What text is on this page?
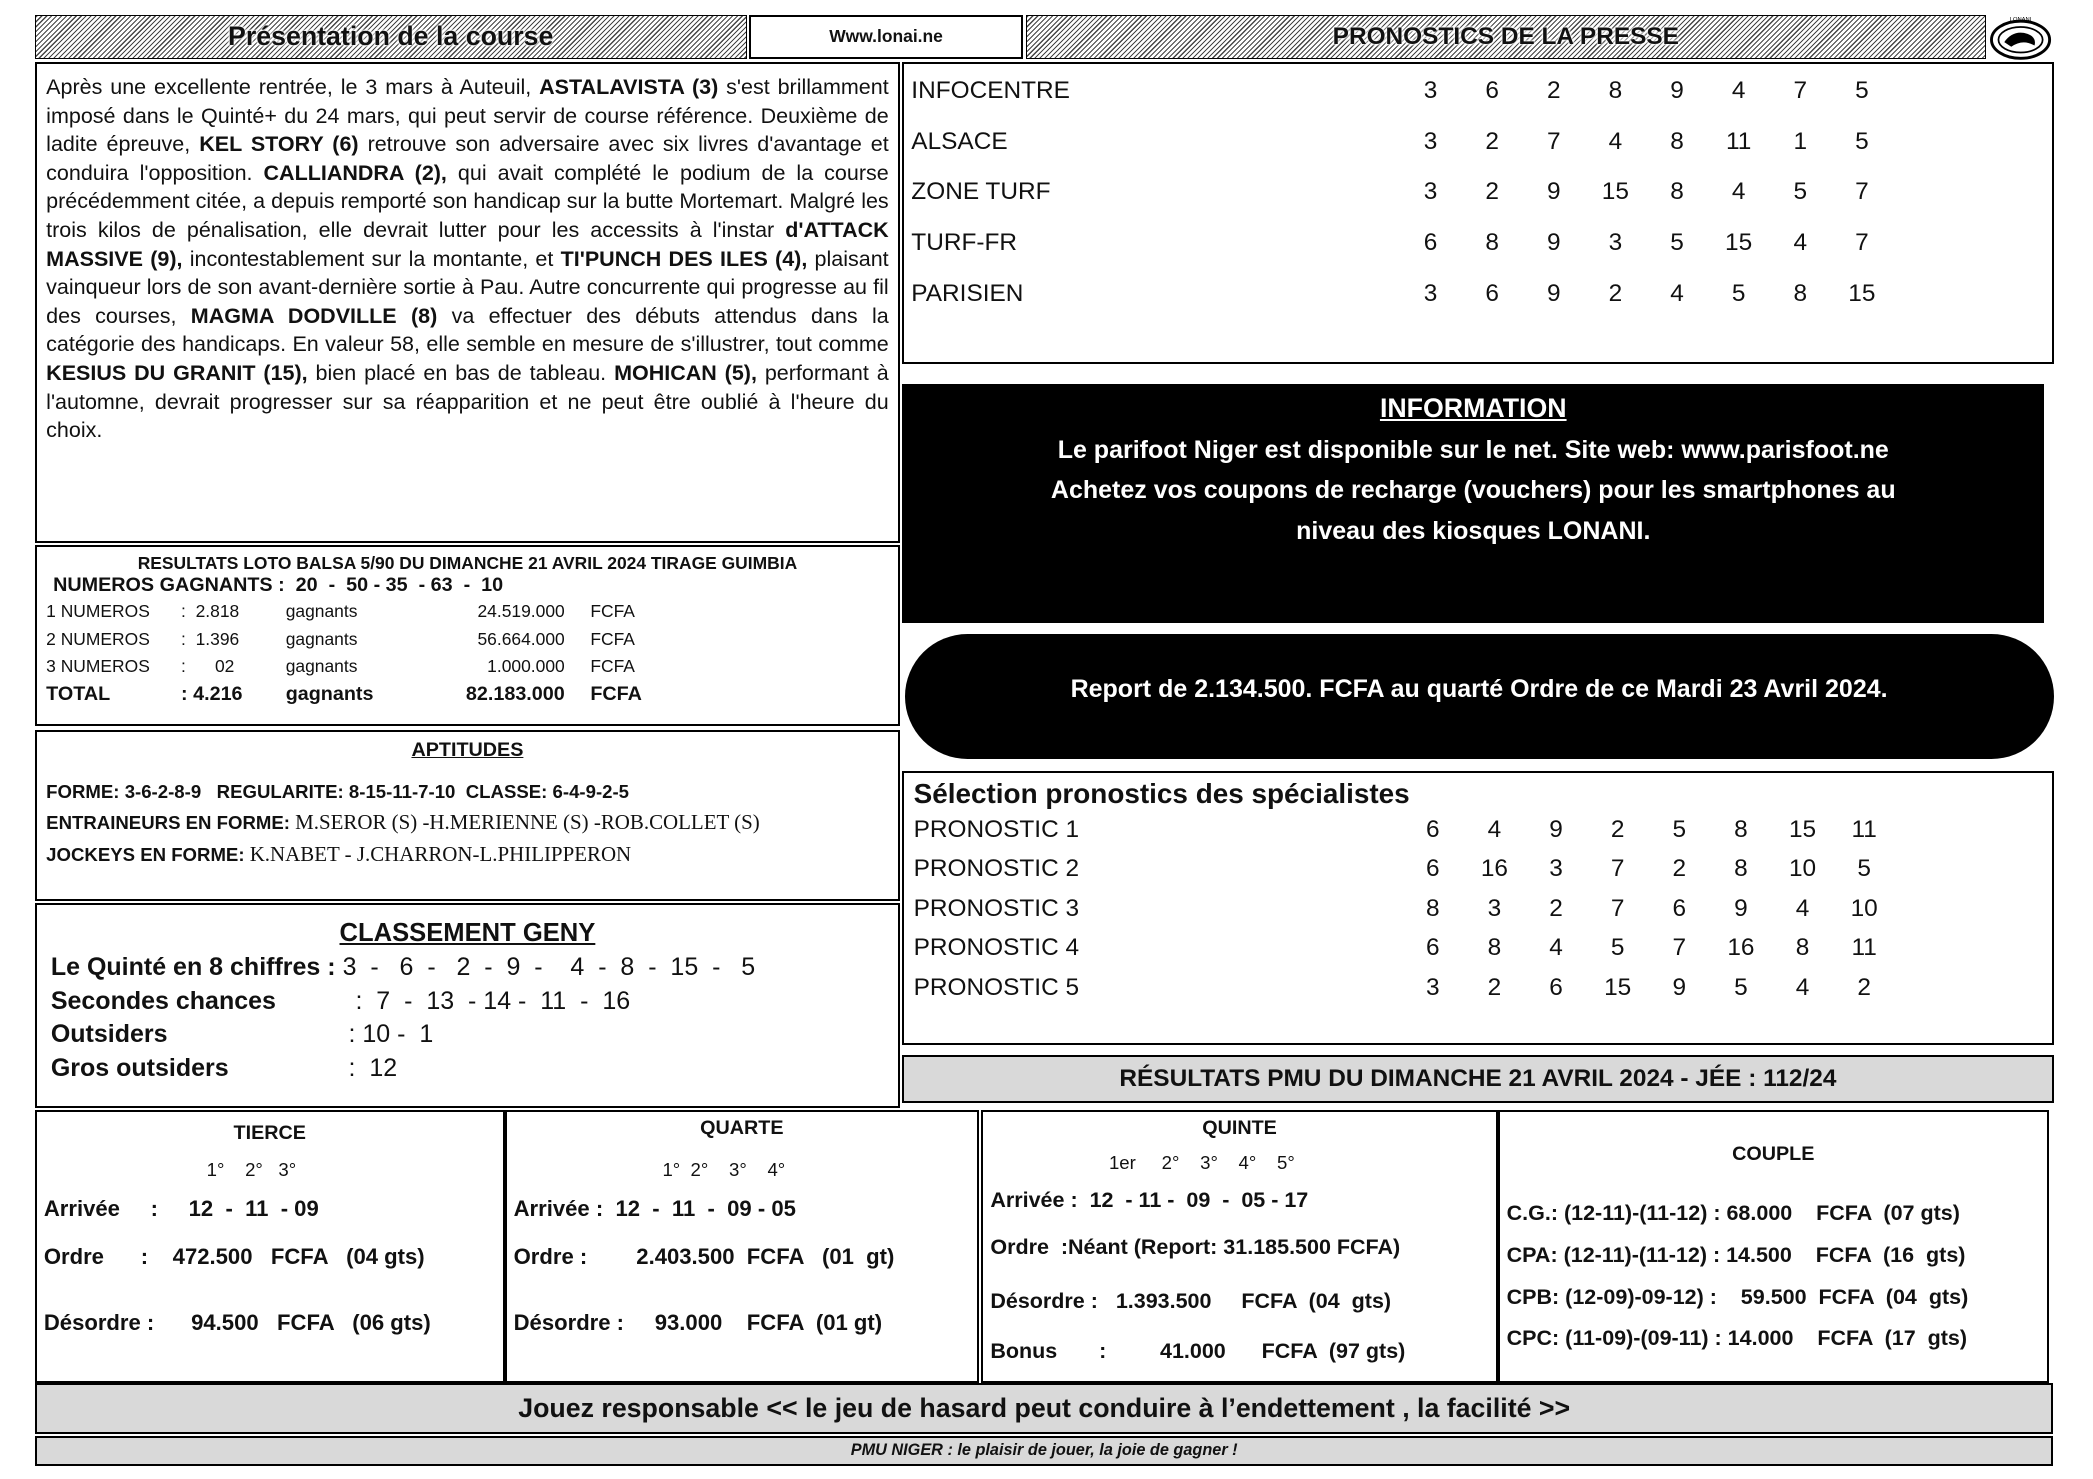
Présentation de la course	Www.lonai.ne	PRONOSTICS DE LA PRESSE
LONANI
Après une excellente rentrée, le 3 mars à Auteuil, ASTALAVISTA (3) s'est brillamment imposé dans le Quinté+ du 24 mars, qui peut servir de course référence. Deuxième de ladite épreuve, KEL STORY (6) retrouve son adversaire avec six livres d'avantage et conduira l'opposition. CALLIANDRA (2), qui avait complété le podium de la course précédemment citée, a depuis remporté son handicap sur la butte Mortemart. Malgré les trois kilos de pénalisation, elle devrait lutter pour les accessits à l'instar d'ATTACK MASSIVE (9), incontestablement sur la montante, et TI'PUNCH DES ILES (4), plaisant vainqueur lors de son avant-dernière sortie à Pau. Autre concurrente qui progresse au fil des courses, MAGMA DODVILLE (8) va effectuer des débuts attendus dans la catégorie des handicaps. En valeur 58, elle semble en mesure de s'illustrer, tout comme KESIUS DU GRANIT (15), bien placé en bas de tableau. MOHICAN (5), performant à l'automne, devrait progresser sur sa réapparition et ne peut être oublié à l'heure du choix.
INFOCENTRE	3	6	2	8	9	4	7	5
ALSACE	3	2	7	4	8	11	1	5
ZONE TURF	3	2	9	15	8	4	5	7
TURF-FR	6	8	9	3	5	15	4	7
PARISIEN	3	6	9	2	4	5	8	15
INFORMATION
Le parifoot Niger est disponible sur le net. Site web: www.parisfoot.ne
Achetez vos coupons de recharge (vouchers) pour les smartphones au
niveau des kiosques LONANI.
Report de 2.134.500. FCFA au quarté Ordre de ce Mardi 23 Avril 2024.
RESULTATS LOTO BALSA 5/90 DU DIMANCHE 21 AVRIL 2024 TIRAGE GUIMBIA
NUMEROS GAGNANTS :  20  -  50 - 35  - 63  -  10
1 NUMEROS	:  2.818	gagnants	24.519.000 FCFA
2 NUMEROS	:  1.396	gagnants	56.664.000 FCFA
3 NUMEROS	:      02	gagnants	1.000.000 FCFA
TOTAL	: 4.216	gagnants	82.183.000 FCFA
APTITUDES
FORME: 3-6-2-8-9 REGULARITE: 8-15-11-7-10 CLASSE: 6-4-9-2-5
ENTRAINEURS EN FORME: M.SEROR (S) -H.MERIENNE (S) -ROB.COLLET (S)
JOCKEYS EN FORME: K.NABET - J.CHARRON-L.PHILIPPERON
Sélection pronostics des spécialistes
PRONOSTIC 1	6	4	9	2	5	8	15	11
PRONOSTIC 2	6	16	3	7	2	8	10	5
PRONOSTIC 3	8	3	2	7	6	9	4	10
PRONOSTIC 4	6	8	4	5	7	16	8	11
PRONOSTIC 5	3	2	6	15	9	5	4	2
CLASSEMENT GENY
Le Quinté en 8 chiffres : 3  -   6  -   2  -  9  -    4  -  8  -  15  -   5
Secondes chances	:  7  -  13  - 14 -  11  -  16
Outsiders	: 10 -  1
Gros outsiders	:  12	RÉSULTATS PMU DU DIMANCHE 21 AVRIL 2024 - JÉE : 112/24
TIERCE
1°    2°   3°
Arrivée :     12  -  11  - 09
Ordre :    472.500   FCFA   (04 gts)
Désordre : 94.500   FCFA   (06 gts)
QUARTE
1°  2°    3°    4°
Arrivée :  12  -  11  -  09 - 05
Ordre :	2.403.500  FCFA   (01  gt)
Désordre : 93.000    FCFA  (01 gt)
QUINTE
1er     2°    3°    4°    5°
Arrivée : 12  - 11 -  09  -  05 - 17
Ordre :Néant (Report: 31.185.500 FCFA)
Désordre : 1.393.500     FCFA  (04  gts)
Bonus :         41.000      FCFA  (97 gts)
COUPLE
C.G.: (12-11)-(11-12) : 68.000    FCFA  (07 gts)
CPA: (12-11)-(11-12) : 14.500    FCFA  (16  gts)
CPB: (12-09)-09-12) :    59.500  FCFA  (04  gts)
CPC: (11-09)-(09-11) : 14.000    FCFA  (17  gts)
Jouez responsable << le jeu de hasard peut conduire à l’endettement , la facilité >>
PMU NIGER : le plaisir de jouer, la joie de gagner !
